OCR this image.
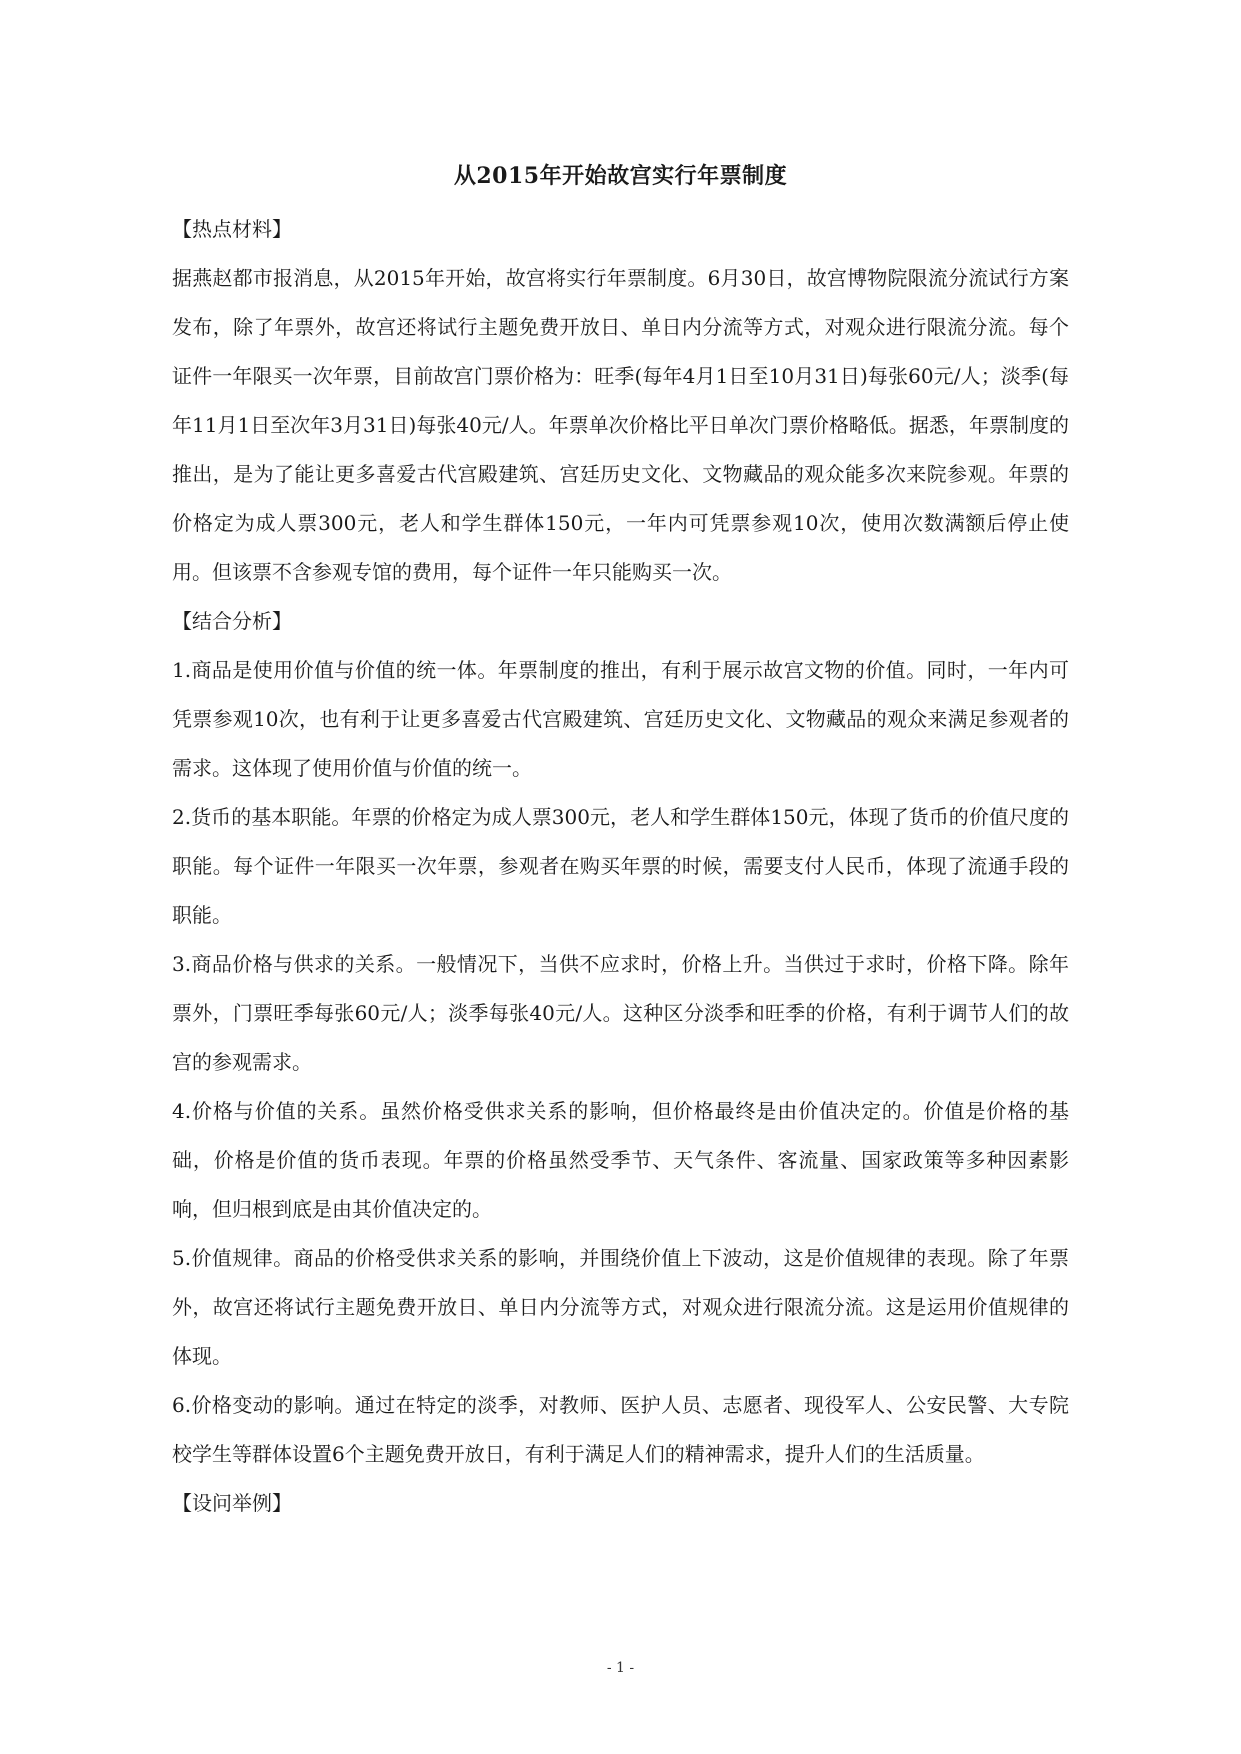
从2015年开始故宫实行年票制度

【热点材料】

据燕赵都市报消息，从2015年开始，故宫将实行年票制度。6月30日，故宫博物院限流分流试行方案发布，除了年票外，故宫还将试行主题免费开放日、单日内分流等方式，对观众进行限流分流。每个证件一年限买一次年票，目前故宫门票价格为：旺季(每年4月1日至10月31日)每张60元/人；淡季(每年11月1日至次年3月31日)每张40元/人。年票单次价格比平日单次门票价格略低。据悉，年票制度的推出，是为了能让更多喜爱古代宫殿建筑、宫廷历史文化、文物藏品的观众能多次来院参观。年票的价格定为成人票300元，老人和学生群体150元，一年内可凭票参观10次，使用次数满额后停止使用。但该票不含参观专馆的费用，每个证件一年只能购买一次。

【结合分析】

1.商品是使用价值与价值的统一体。年票制度的推出，有利于展示故宫文物的价值。同时，一年内可凭票参观10次，也有利于让更多喜爱古代宫殿建筑、宫廷历史文化、文物藏品的观众来满足参观者的需求。这体现了使用价值与价值的统一。

2.货币的基本职能。年票的价格定为成人票300元，老人和学生群体150元，体现了货币的价值尺度的职能。每个证件一年限买一次年票，参观者在购买年票的时候，需要支付人民币，体现了流通手段的职能。

3.商品价格与供求的关系。一般情况下，当供不应求时，价格上升。当供过于求时，价格下降。除年票外，门票旺季每张60元/人；淡季每张40元/人。这种区分淡季和旺季的价格，有利于调节人们的故宫的参观需求。

4.价格与价值的关系。虽然价格受供求关系的影响，但价格最终是由价值决定的。价值是价格的基础，价格是价值的货币表现。年票的价格虽然受季节、天气条件、客流量、国家政策等多种因素影响，但归根到底是由其价值决定的。

5.价值规律。商品的价格受供求关系的影响，并围绕价值上下波动，这是价值规律的表现。除了年票外，故宫还将试行主题免费开放日、单日内分流等方式，对观众进行限流分流。这是运用价值规律的体现。

6.价格变动的影响。通过在特定的淡季，对教师、医护人员、志愿者、现役军人、公安民警、大专院校学生等群体设置6个主题免费开放日，有利于满足人们的精神需求，提升人们的生活质量。

【设问举例】

- 1 -
